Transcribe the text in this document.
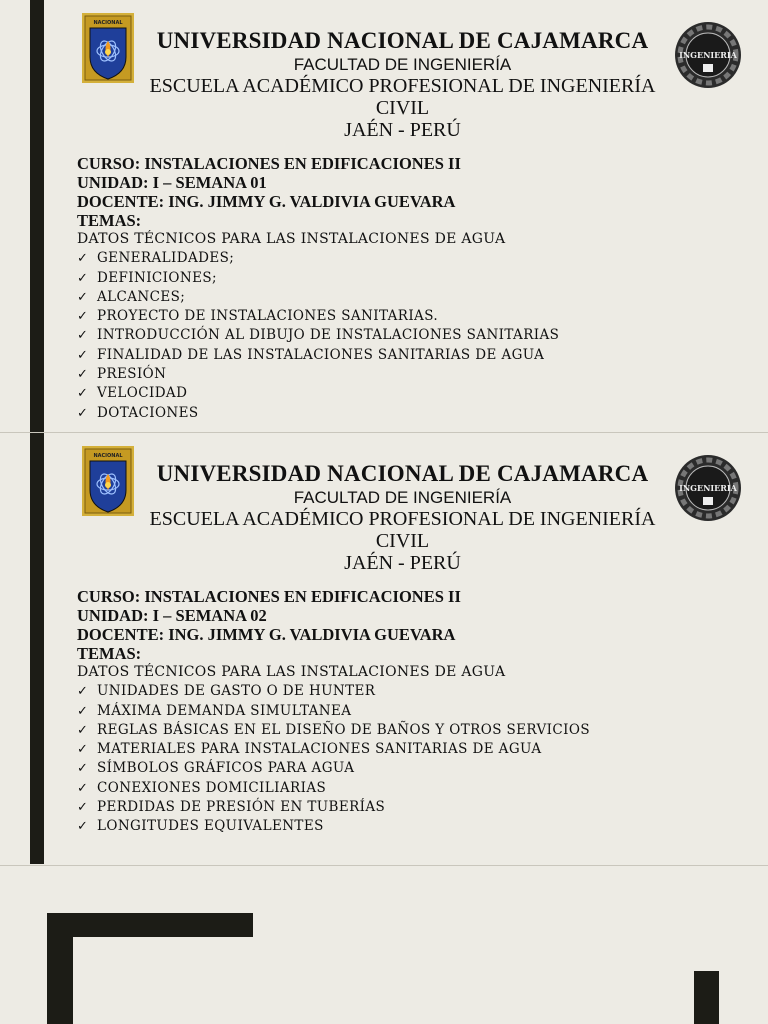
NACIONAL
INGENIERIA
UNIVERSIDAD NACIONAL DE CAJAMARCA
FACULTAD DE INGENIERÍA
ESCUELA ACADÉMICO PROFESIONAL DE INGENIERÍA
CIVIL
JAÉN - PERÚ
CURSO: INSTALACIONES EN EDIFICACIONES II
UNIDAD: I – SEMANA 01
DOCENTE: ING. JIMMY G. VALDIVIA GUEVARA
TEMAS:
DATOS TÉCNICOS PARA LAS INSTALACIONES DE AGUA
✓ GENERALIDADES;
✓ DEFINICIONES;
✓ ALCANCES;
✓ PROYECTO DE INSTALACIONES SANITARIAS.
✓ INTRODUCCIÓN AL DIBUJO DE INSTALACIONES SANITARIAS
✓ FINALIDAD DE LAS INSTALACIONES SANITARIAS DE AGUA
✓ PRESIÓN
✓ VELOCIDAD
✓ DOTACIONES
NACIONAL
INGENIERIA
UNIVERSIDAD NACIONAL DE CAJAMARCA
FACULTAD DE INGENIERÍA
ESCUELA ACADÉMICO PROFESIONAL DE INGENIERÍA
CIVIL
JAÉN - PERÚ
CURSO: INSTALACIONES EN EDIFICACIONES II
UNIDAD: I – SEMANA 02
DOCENTE: ING. JIMMY G. VALDIVIA GUEVARA
TEMAS:
DATOS TÉCNICOS PARA LAS INSTALACIONES DE AGUA
✓ UNIDADES DE GASTO O DE HUNTER
✓ MÁXIMA DEMANDA SIMULTANEA
✓ REGLAS BÁSICAS EN EL DISEÑO DE BAÑOS Y OTROS SERVICIOS
✓ MATERIALES PARA INSTALACIONES SANITARIAS DE AGUA
✓ SÍMBOLOS GRÁFICOS PARA AGUA
✓ CONEXIONES DOMICILIARIAS
✓ PERDIDAS DE PRESIÓN EN TUBERÍAS
✓ LONGITUDES EQUIVALENTES
